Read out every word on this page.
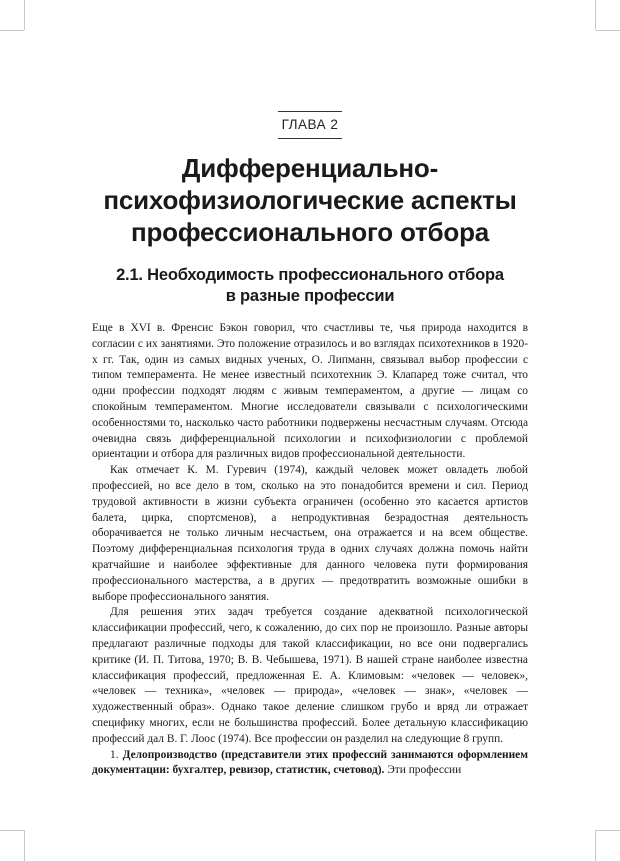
ГЛАВА 2
Дифференциально-
психофизиологические аспекты
профессионального отбора
2.1. Необходимость профессионального отбора
в разные профессии

Еще в XVI в. Френсис Бэкон говорил, что счастливы те, чья природа находится в согласии с их занятиями. Это положение отразилось и во взглядах психотехников в 1920-х гг. Так, один из самых видных ученых, О. Липманн, связывал выбор профессии с типом темперамента. Не менее известный психотехник Э. Клапаред тоже считал, что одни профессии подходят людям с живым темпераментом, а другие — лицам со спокойным темпераментом. Многие исследователи связывали с психологическими особенностями то, насколько часто работники подвержены несчастным случаям. Отсюда очевидна связь дифференциальной психологии и психофизиологии с проблемой ориентации и отбора для различных видов профессиональной деятельности.

Как отмечает К. М. Гуревич (1974), каждый человек может овладеть любой профессией, но все дело в том, сколько на это понадобится времени и сил. Период трудовой активности в жизни субъекта ограничен (особенно это касается артистов балета, цирка, спортсменов), а непродуктивная безрадостная деятельность оборачивается не только личным несчастьем, она отражается и на всем обществе. Поэтому дифференциальная психология труда в одних случаях должна помочь найти кратчайшие и наиболее эффективные для данного человека пути формирования профессионального мастерства, а в других — предотвратить возможные ошибки в выборе профессионального занятия.

Для решения этих задач требуется создание адекватной психологической классификации профессий, чего, к сожалению, до сих пор не произошло. Разные авторы предлагают различные подходы для такой классификации, но все они подвергались критике (И. П. Титова, 1970; В. В. Чебышева, 1971). В нашей стране наиболее известна классификация профессий, предложенная Е. А. Климовым: «человек — человек», «человек — техника», «человек — природа», «человек — знак», «человек — художественный образ». Однако такое деление слишком грубо и вряд ли отражает специфику многих, если не большинства профессий. Более детальную классификацию профессий дал В. Г. Лоос (1974). Все профессии он разделил на следующие 8 групп.

1. Делопроизводство (представители этих профессий занимаются оформлением документации: бухгалтер, ревизор, статистик, счетовод). Эти профессии
